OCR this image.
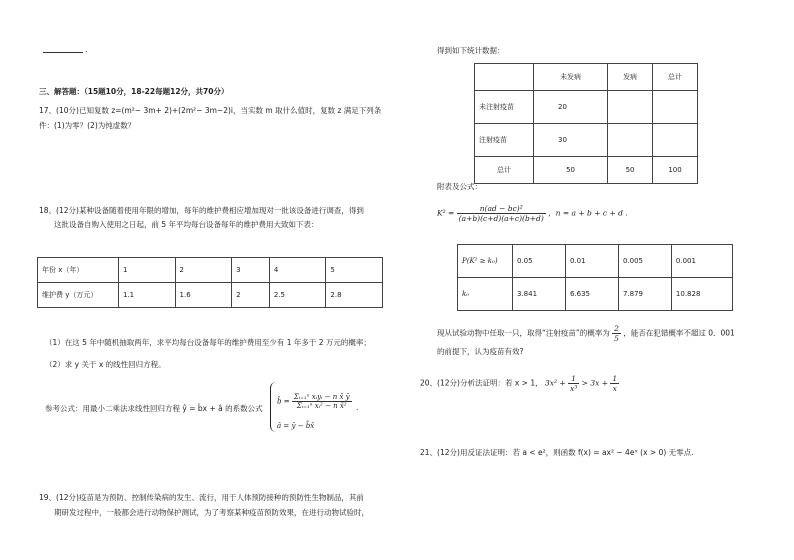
.
三、解答题：（15题10分，18-22每题12分，共70分）
17、(10分)已知复数 z=(m²− 3m+ 2)+(2m²− 3m−2)i，当实数 m 取什么值时，复数 z 满足下列条件：(1)为零？(2)为纯虚数？
18、(12分)某种设备随着使用年限的增加，每年的维护费相应增加现对一批该设备进行调查，得到
这批设备自购入使用之日起，前 5 年平均每台设备每年的维护费用大致如下表：
年份 x（年）	1	2	3	4	5
维护费 y（万元）	1.1	1.6	2	2.5	2.8
（1）在这 5 年中随机抽取两年，求平均每台设备每年的维护费用至少有 1 年多于 2 万元的概率；
（2）求 y 关于 x 的线性回归方程。
参考公式：用最小二乘法求线性回归方程 ŷ = b̂x + â 的系数公式
b̂ = $\frac{\text{Σᵢ₌₁ⁿ xᵢyᵢ − n x̄ ȳ}}{\text{Σᵢ₌₁ⁿ xᵢ² − n x̄²}}$ .
â = ȳ − b̂x̄
19、(12分)疫苗是为预防、控制传染病的发生、流行，用于人体预防接种的预防性生物制品，其前
期研发过程中，一般都会进行动物保护测试，为了考察某种疫苗预防效果，在进行动物试验时，
得到如下统计数据：
	未发病	发病	总计
未注射疫苗	20		
注射疫苗	30		
总计	50	50	100
附表及公式：
$K^2 = \frac{\text{n(ad − bc)²}}{(a+b)(c+d)(a+c)(b+d)}$ ，n = a + b + c + d .
P(K² ≥ k₀)	0.05	0.01	0.005	0.001
k₀	3.841	6.635	7.879	10.828
现从试验动物中任取一只，取得“注射疫苗”的概率为 $\frac{2}{5}$ ，能否在犯错概率不超过 0．001
的前提下，认为疫苗有效?
20、(12分)分析法证明：若 x > 1， $3x^2 + \frac{1}{\text{x³}} > 3x + \frac{1}{x}$
21、(12分)用反证法证明：若 a < e²，则函数 f(x) = ax² − 4eˣ (x > 0) 无零点.
